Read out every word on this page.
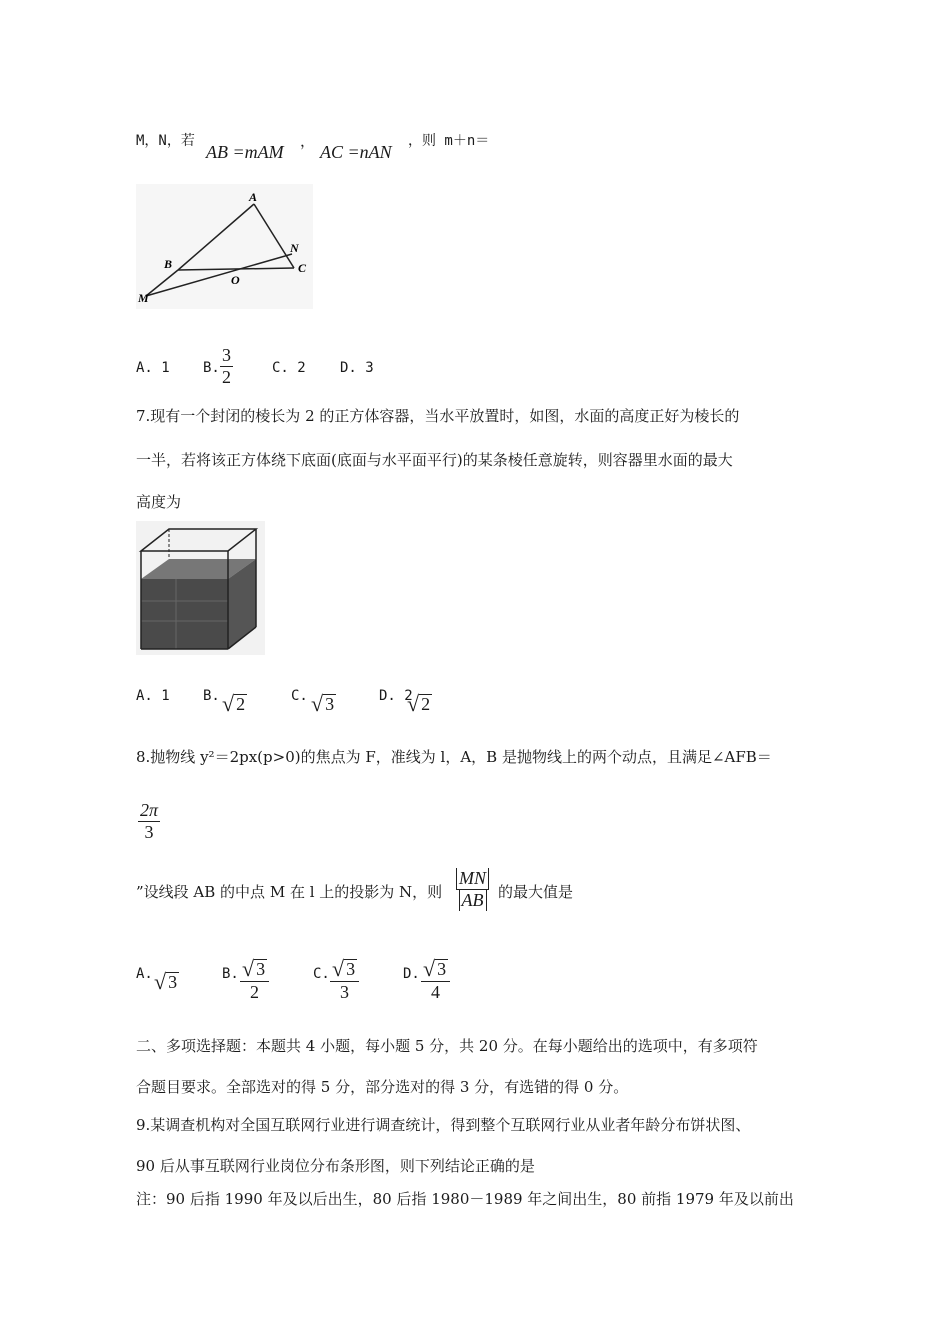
M，N，若
AB =mAM
，
AC =nAN
，则 m＋n＝
A
B	C
N
O
M
A. 1 B. $\frac{3}{2}$	C. 2 D. 3
7.现有一个封闭的棱长为 2 的正方体容器，当水平放置时，如图，水面的高度正好为棱长的
一半，若将该正方体绕下底面(底面与水平面平行)的某条棱任意旋转，则容器里水面的最大
高度为
A. 1 B. √ 2	C. √ 3	D. 2
√ 2
8.抛物线 y²＝2px(p>0)的焦点为 F，准线为 l，A，B 是抛物线上的两个动点，且满足∠AFB＝
$\frac{2\pi}{3}$
”设线段 AB 的中点 M 在 l 上的投影为 N，则 $\frac{MN}{AB}$ 的最大值是
A. √ 3	B. $\frac{√ 3}{2}$	C. $\frac{√ 3}{3}$	D. $\frac{√ 3}{4}$
二、多项选择题：本题共 4 小题，每小题 5 分，共 20 分。在每小题给出的选项中，有多项符
合题目要求。全部选对的得 5 分，部分选对的得 3 分，有选错的得 0 分。
9.某调查机构对全国互联网行业进行调查统计，得到整个互联网行业从业者年龄分布饼状图、
90 后从事互联网行业岗位分布条形图，则下列结论正确的是
注：90 后指 1990 年及以后出生，80 后指 1980－1989 年之间出生，80 前指 1979 年及以前出
